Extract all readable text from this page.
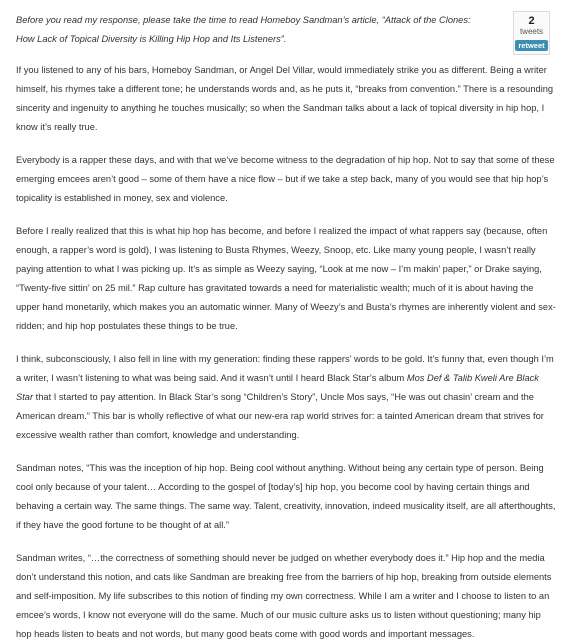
2
tweets
retweet

Before you read my response, please take the time to read Homeboy Sandman’s article, “Attack of the Clones: How Lack of Topical Diversity is Killing Hip Hop and Its Listeners”.

If you listened to any of his bars, Homeboy Sandman, or Angel Del Villar, would immediately strike you as different. Being a writer himself, his rhymes take a different tone; he understands words and, as he puts it, “breaks from convention.” There is a resounding sincerity and ingenuity to anything he touches musically; so when the Sandman talks about a lack of topical diversity in hip hop, I know it’s really true.

Everybody is a rapper these days, and with that we’ve become witness to the degradation of hip hop. Not to say that some of these emerging emcees aren’t good – some of them have a nice flow – but if we take a step back, many of you would see that hip hop’s topicality is established in money, sex and violence.

Before I really realized that this is what hip hop has become, and before I realized the impact of what rappers say (because, often enough, a rapper’s word is gold), I was listening to Busta Rhymes, Weezy, Snoop, etc. Like many young people, I wasn’t really paying attention to what I was picking up. It’s as simple as Weezy saying, “Look at me now – I’m makin’ paper,” or Drake saying, “Twenty-five sittin’ on 25 mil.” Rap culture has gravitated towards a need for materialistic wealth; much of it is about having the upper hand monetarily, which makes you an automatic winner. Many of Weezy’s and Busta’s rhymes are inherently violent and sex-ridden; and hip hop postulates these things to be true.

I think, subconsciously, I also fell in line with my generation: finding these rappers’ words to be gold. It’s funny that, even though I’m a writer, I wasn’t listening to what was being said. And it wasn’t until I heard Black Star’s album Mos Def & Talib Kweli Are Black Star that I started to pay attention. In Black Star’s song “Children’s Story”, Uncle Mos says, “He was out chasin’ cream and the American dream.” This bar is wholly reflective of what our new-era rap world strives for: a tainted American dream that strives for excessive wealth rather than comfort, knowledge and understanding.

Sandman notes, “This was the inception of hip hop. Being cool without anything. Without being any certain type of person. Being cool only because of your talent… According to the gospel of [today’s] hip hop, you become cool by having certain things and behaving a certain way. The same things. The same way. Talent, creativity, innovation, indeed musicality itself, are all afterthoughts, if they have the good fortune to be thought of at all.”

Sandman writes, “…the correctness of something should never be judged on whether everybody does it.” Hip hop and the media don’t understand this notion, and cats like Sandman are breaking free from the barriers of hip hop, breaking from outside elements and self-imposition. My life subscribes to this notion of finding my own correctness. While I am a writer and I choose to listen to an emcee’s words, I know not everyone will do the same. Much of our music culture asks us to listen without questioning; many hip hop heads listen to beats and not words, but many good beats come with good words and important messages.
